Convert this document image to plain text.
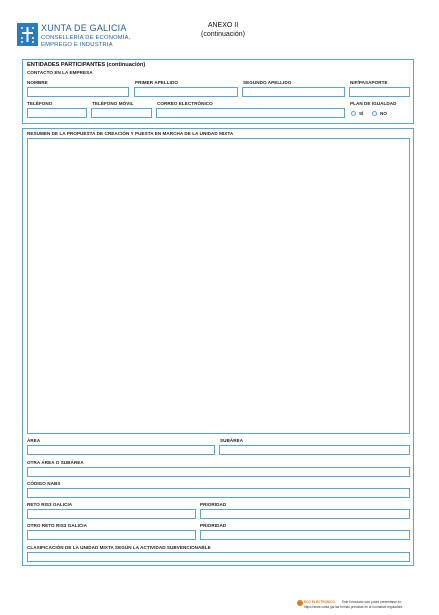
XUNTA DE GALICIA
CONSELLERÍA DE ECONOMÍA,
EMPREGO E INDUSTRIA
ANEXO II
(continuación)
ENTIDADES PARTICIPANTES (continuación)
CONTACTO EN LA EMPRESA
NOMBRE	PRIMER APELLIDO	SEGUNDO APELLIDO	NIF/PASAPORTE
TELÉFONO	TELÉFONO MÓVIL	CORREO ELECTRÓNICO	PLAN DE IGUALDAD
SÍ	NO
RESUMEN DE LA PROPUESTA DE CREACIÓN Y PUESTA EN MARCHA DE LA UNIDAD MIXTA
ÁREA	SUBÁREA
OTRA ÁREA O SUBÁREA
CÓDIGO NABS
RETO RIS3 GALICIA	PRIORIDAD
OTRO RETO RIS3 GALICIA	PRIORIDAD
CLASIFICACIÓN DE LA UNIDAD MIXTA SEGÚN LA ACTIVIDAD SUBVENCIONABLE
ECO ELECTRÓNICO Este formulario solo podrá presentarse en
https://sede.xunta.gal las formas previstas en la normativa reguladora
